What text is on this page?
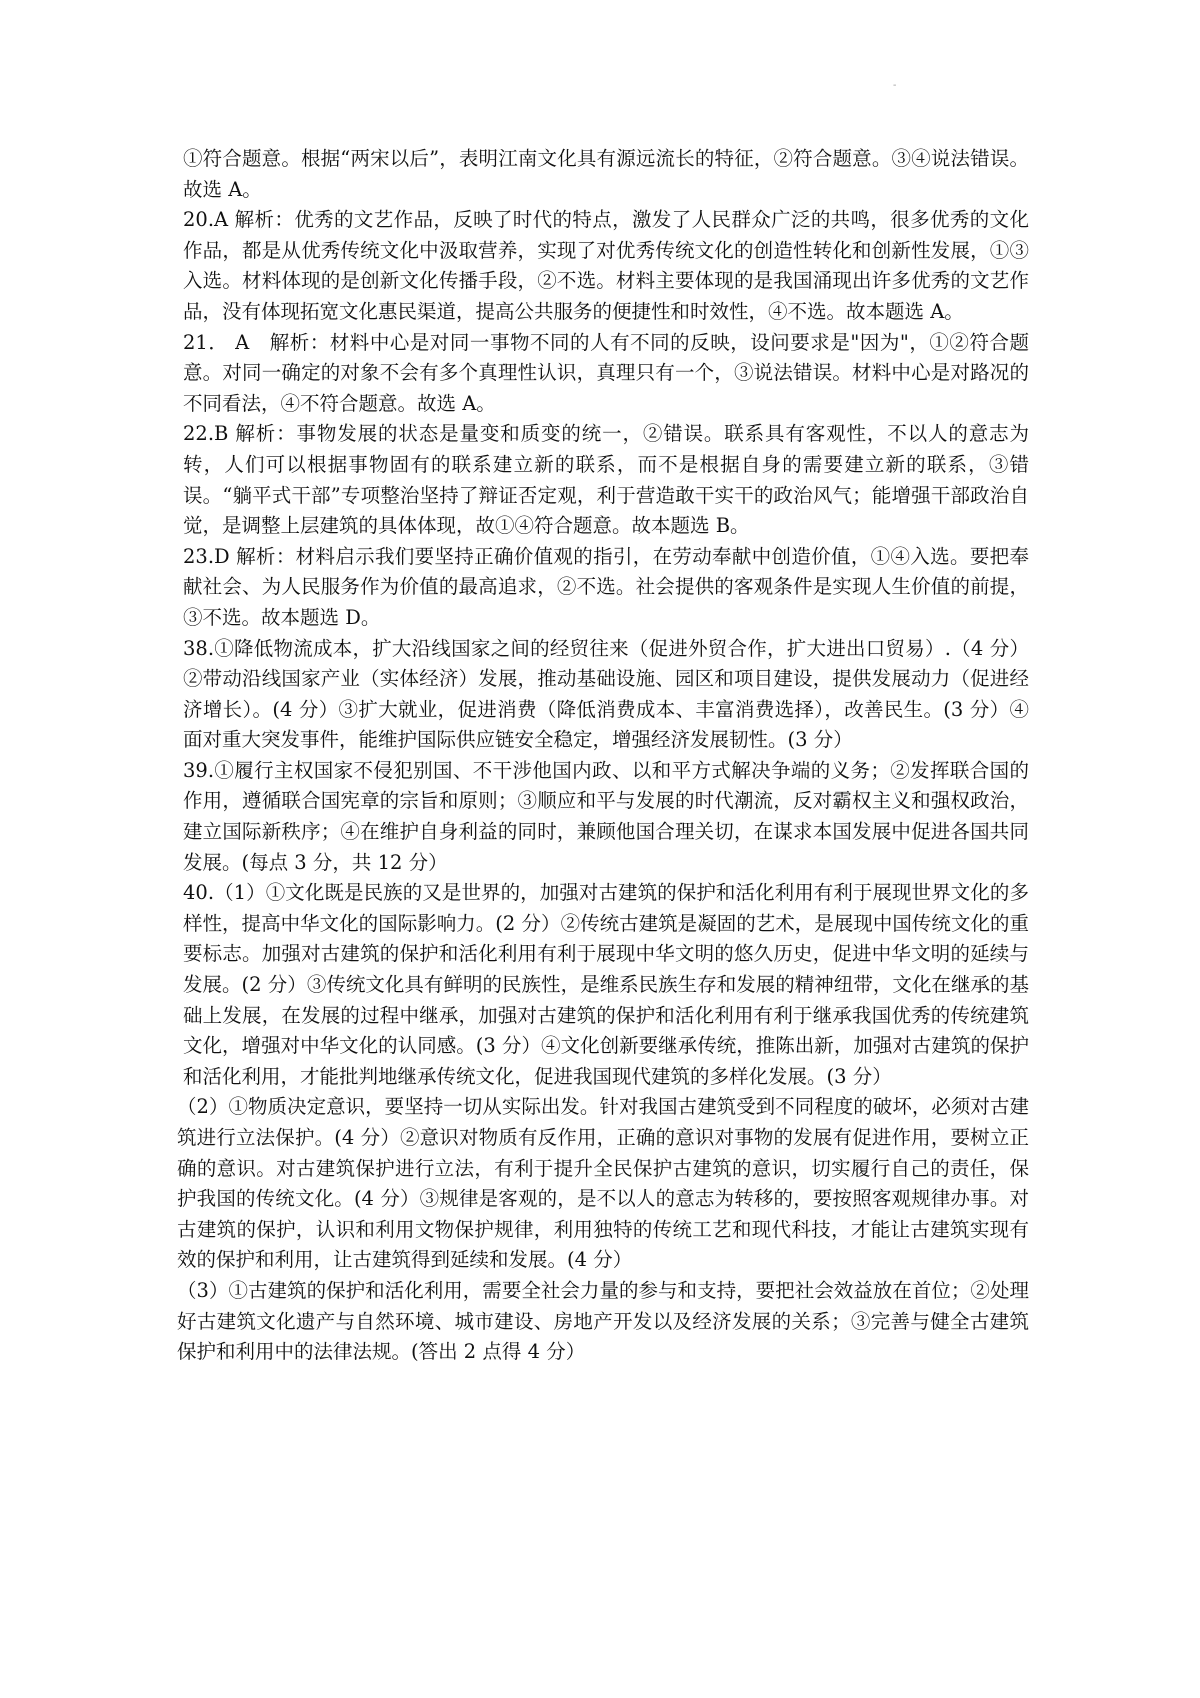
-

①符合题意。根据“两宋以后”，表明江南文化具有源远流长的特征，②符合题意。③④说法错误。故选 A。

20.A 解析：优秀的文艺作品，反映了时代的特点，激发了人民群众广泛的共鸣，很多优秀的文化作品，都是从优秀传统文化中汲取营养，实现了对优秀传统文化的创造性转化和创新性发展，①③入选。材料体现的是创新文化传播手段，②不选。材料主要体现的是我国涌现出许多优秀的文艺作品，没有体现拓宽文化惠民渠道，提高公共服务的便捷性和时效性，④不选。故本题选 A。

21． A　解析：材料中心是对同一事物不同的人有不同的反映，设问要求是"因为"，①②符合题意。对同一确定的对象不会有多个真理性认识，真理只有一个，③说法错误。材料中心是对路况的不同看法，④不符合题意。故选 A。

22.B 解析：事物发展的状态是量变和质变的统一，②错误。联系具有客观性，不以人的意志为转，人们可以根据事物固有的联系建立新的联系，而不是根据自身的需要建立新的联系，③错误。“躺平式干部”专项整治坚持了辩证否定观，利于营造敢干实干的政治风气；能增强干部政治自觉，是调整上层建筑的具体体现，故①④符合题意。故本题选 B。

23.D 解析：材料启示我们要坚持正确价值观的指引，在劳动奉献中创造价值，①④入选。要把奉献社会、为人民服务作为价值的最高追求，②不选。社会提供的客观条件是实现人生价值的前提，③不选。故本题选 D。

38.①降低物流成本，扩大沿线国家之间的经贸往来（促进外贸合作，扩大进出口贸易）.（4 分）②带动沿线国家产业（实体经济）发展，推动基础设施、园区和项目建设，提供发展动力（促进经济增长）。(4 分）③扩大就业，促进消费（降低消费成本、丰富消费选择），改善民生。(3 分）④面对重大突发事件，能维护国际供应链安全稳定，增强经济发展韧性。(3 分）

39.①履行主权国家不侵犯别国、不干涉他国内政、以和平方式解决争端的义务；②发挥联合国的作用，遵循联合国宪章的宗旨和原则；③顺应和平与发展的时代潮流，反对霸权主义和强权政治，建立国际新秩序；④在维护自身利益的同时，兼顾他国合理关切，在谋求本国发展中促进各国共同发展。(每点 3 分，共 12 分）

40.（1）①文化既是民族的又是世界的，加强对古建筑的保护和活化利用有利于展现世界文化的多样性，提高中华文化的国际影响力。(2 分）②传统古建筑是凝固的艺术，是展现中国传统文化的重要标志。加强对古建筑的保护和活化利用有利于展现中华文明的悠久历史，促进中华文明的延续与发展。(2 分）③传统文化具有鲜明的民族性，是维系民族生存和发展的精神纽带，文化在继承的基础上发展，在发展的过程中继承，加强对古建筑的保护和活化利用有利于继承我国优秀的传统建筑文化，增强对中华文化的认同感。(3 分）④文化创新要继承传统，推陈出新，加强对古建筑的保护和活化利用，才能批判地继承传统文化，促进我国现代建筑的多样化发展。(3 分）

（2）①物质决定意识，要坚持一切从实际出发。针对我国古建筑受到不同程度的破坏，必须对古建筑进行立法保护。(4 分）②意识对物质有反作用，正确的意识对事物的发展有促进作用，要树立正确的意识。对古建筑保护进行立法，有利于提升全民保护古建筑的意识，切实履行自己的责任，保护我国的传统文化。(4 分）③规律是客观的，是不以人的意志为转移的，要按照客观规律办事。对古建筑的保护，认识和利用文物保护规律，利用独特的传统工艺和现代科技，才能让古建筑实现有效的保护和利用，让古建筑得到延续和发展。(4 分）

（3）①古建筑的保护和活化利用，需要全社会力量的参与和支持，要把社会效益放在首位；②处理好古建筑文化遗产与自然环境、城市建设、房地产开发以及经济发展的关系；③完善与健全古建筑保护和利用中的法律法规。(答出 2 点得 4 分）
